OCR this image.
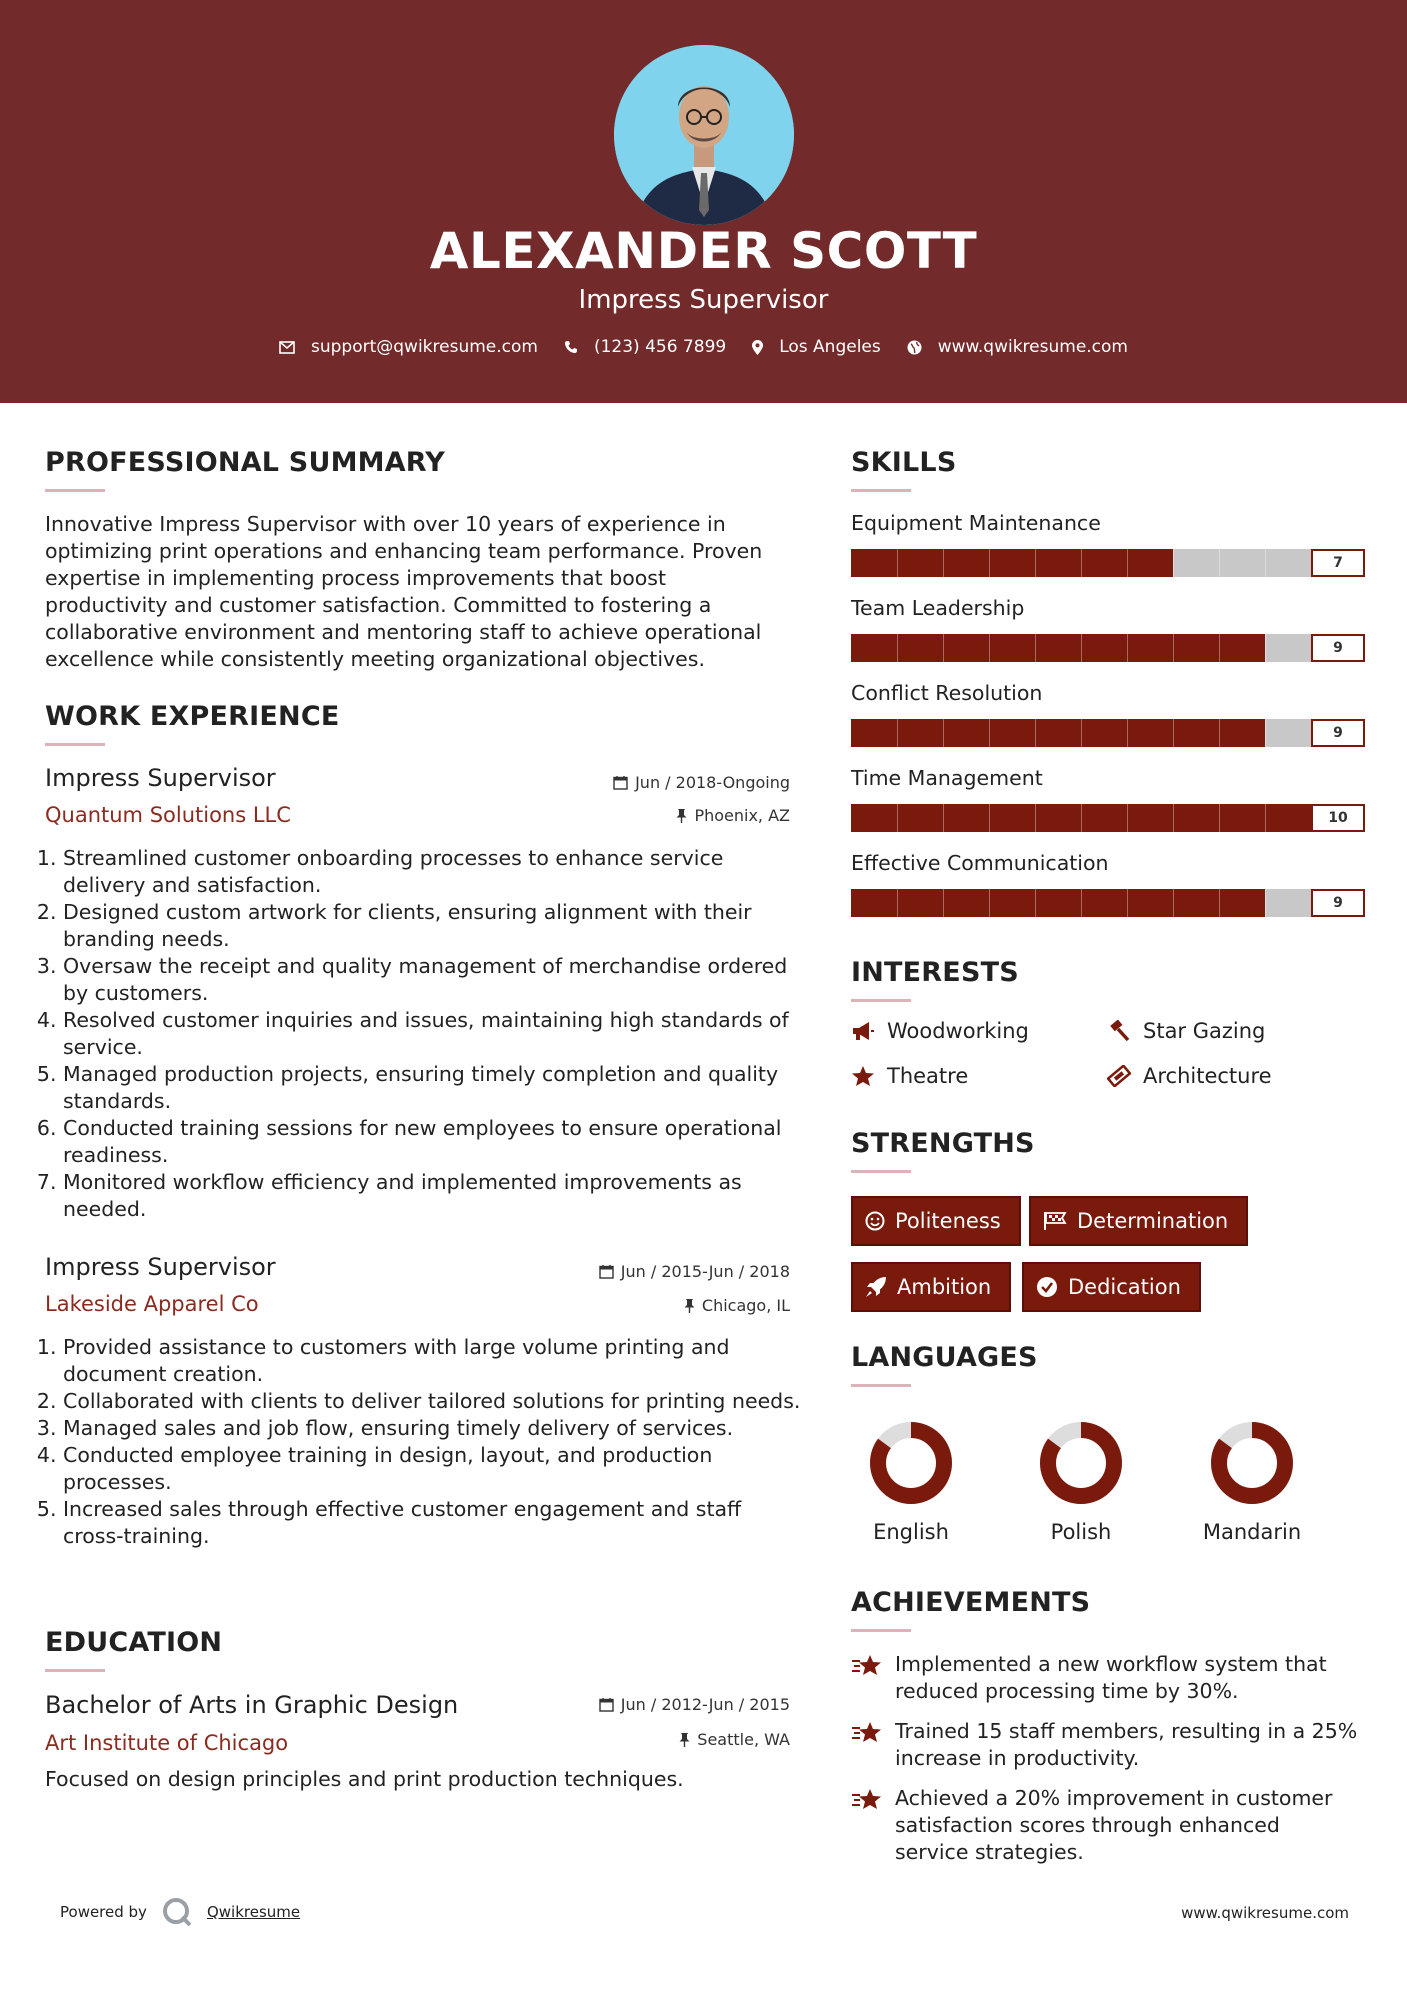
ALEXANDER SCOTT
Impress Supervisor
support@qwikresume.com	(123) 456 7899	Los Angeles	www.qwikresume.com
PROFESSIONAL SUMMARY
Innovative Impress Supervisor with over 10 years of experience in
optimizing print operations and enhancing team performance. Proven
expertise in implementing process improvements that boost
productivity and customer satisfaction. Committed to fostering a
collaborative environment and mentoring staff to achieve operational
excellence while consistently meeting organizational objectives.
WORK EXPERIENCE
Impress Supervisor	Jun / 2018-Ongoing
Quantum Solutions LLC	Phoenix, AZ
1. Streamlined customer onboarding processes to enhance service delivery and satisfaction.
2. Designed custom artwork for clients, ensuring alignment with their branding needs.
3. Oversaw the receipt and quality management of merchandise ordered by customers.
4. Resolved customer inquiries and issues, maintaining high standards of service.
5. Managed production projects, ensuring timely completion and quality standards.
6. Conducted training sessions for new employees to ensure operational readiness.
7. Monitored workflow efficiency and implemented improvements as needed.
Impress Supervisor	Jun / 2015-Jun / 2018
Lakeside Apparel Co	Chicago, IL
1. Provided assistance to customers with large volume printing and document creation.
2. Collaborated with clients to deliver tailored solutions for printing needs.
3. Managed sales and job flow, ensuring timely delivery of services.
4. Conducted employee training in design, layout, and production processes.
5. Increased sales through effective customer engagement and staff cross-training.
EDUCATION
Bachelor of Arts in Graphic Design	Jun / 2012-Jun / 2015
Art Institute of Chicago	Seattle, WA
Focused on design principles and print production techniques.
SKILLS
Equipment Maintenance
7
Team Leadership
9
Conflict Resolution
9
Time Management
10
Effective Communication
9
INTERESTS
Woodworking	Star Gazing
Theatre	Architecture
STRENGTHS
Politeness	Determination
Ambition	Dedication
LANGUAGES
English	Polish	Mandarin
ACHIEVEMENTS
Implemented a new workflow system that
reduced processing time by 30%.
Trained 15 staff members, resulting in a 25%
increase in productivity.
Achieved a 20% improvement in customer
satisfaction scores through enhanced
service strategies.
Powered by	Qwikresume	www.qwikresume.com
